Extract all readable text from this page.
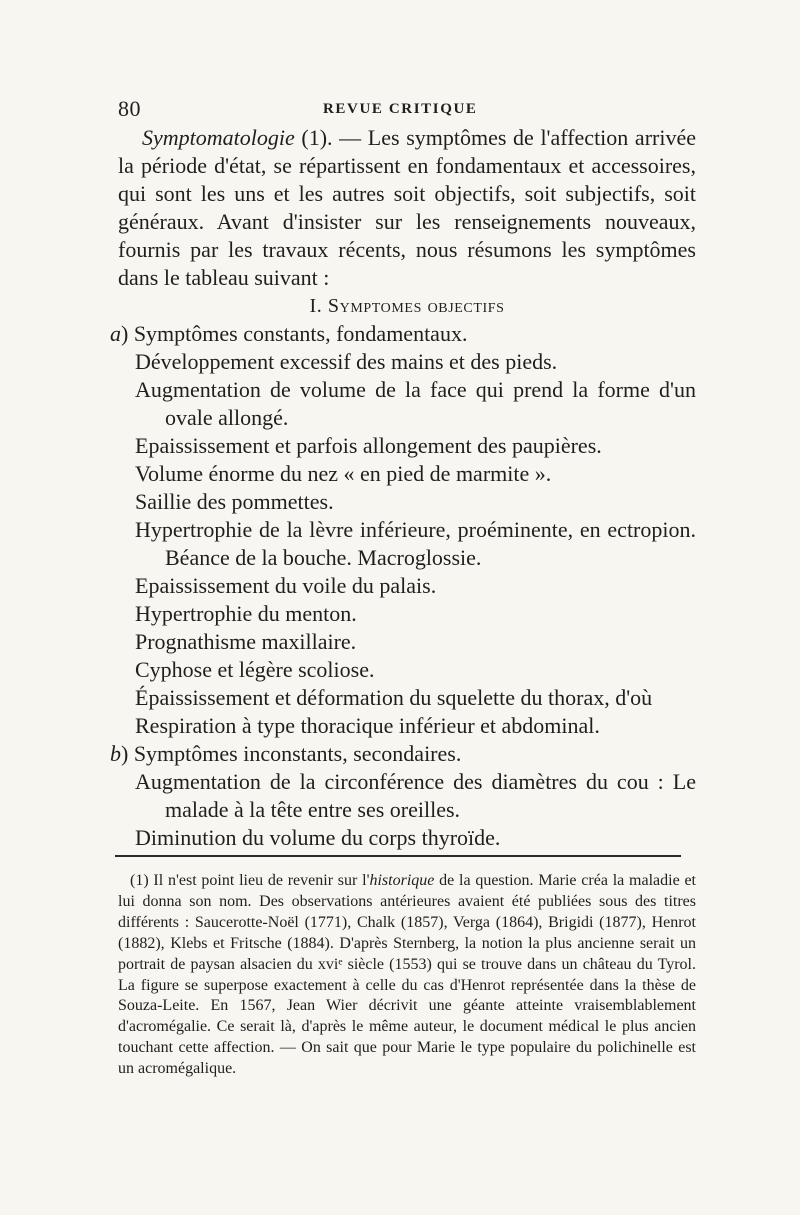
80	REVUE CRITIQUE

Symptomatologie (1). — Les symptômes de l'affection arrivée la période d'état, se répartissent en fondamentaux et accessoires, qui sont les uns et les autres soit objectifs, soit subjectifs, soit généraux. Avant d'insister sur les renseignements nouveaux, fournis par les travaux récents, nous résumons les symptômes dans le tableau suivant :

I. Symptomes objectifs

a) Symptômes constants, fondamentaux.

Développement excessif des mains et des pieds.

Augmentation de volume de la face qui prend la forme d'un ovale allongé.

Epaississement et parfois allongement des paupières.

Volume énorme du nez « en pied de marmite ».

Saillie des pommettes.

Hypertrophie de la lèvre inférieure, proéminente, en ectropion. Béance de la bouche. Macroglossie.

Epaississement du voile du palais.

Hypertrophie du menton.

Prognathisme maxillaire.

Cyphose et légère scoliose.

Épaississement et déformation du squelette du thorax, d'où

Respiration à type thoracique inférieur et abdominal.

b) Symptômes inconstants, secondaires.

Augmentation de la circonférence des diamètres du cou : Le malade à la tête entre ses oreilles.

Diminution du volume du corps thyroïde.

(1) Il n'est point lieu de revenir sur l'historique de la question. Marie créa la maladie et lui donna son nom. Des observations antérieures avaient été publiées sous des titres différents : Saucerotte-Noël (1771), Chalk (1857), Verga (1864), Brigidi (1877), Henrot (1882), Klebs et Fritsche (1884). D'après Sternberg, la notion la plus ancienne serait un portrait de paysan alsacien du xviᵉ siècle (1553) qui se trouve dans un château du Tyrol. La figure se superpose exactement à celle du cas d'Henrot représentée dans la thèse de Souza-Leite. En 1567, Jean Wier décrivit une géante atteinte vraisemblablement d'acromégalie. Ce serait là, d'après le même auteur, le document médical le plus ancien touchant cette affection. — On sait que pour Marie le type populaire du polichinelle est un acromégalique.
